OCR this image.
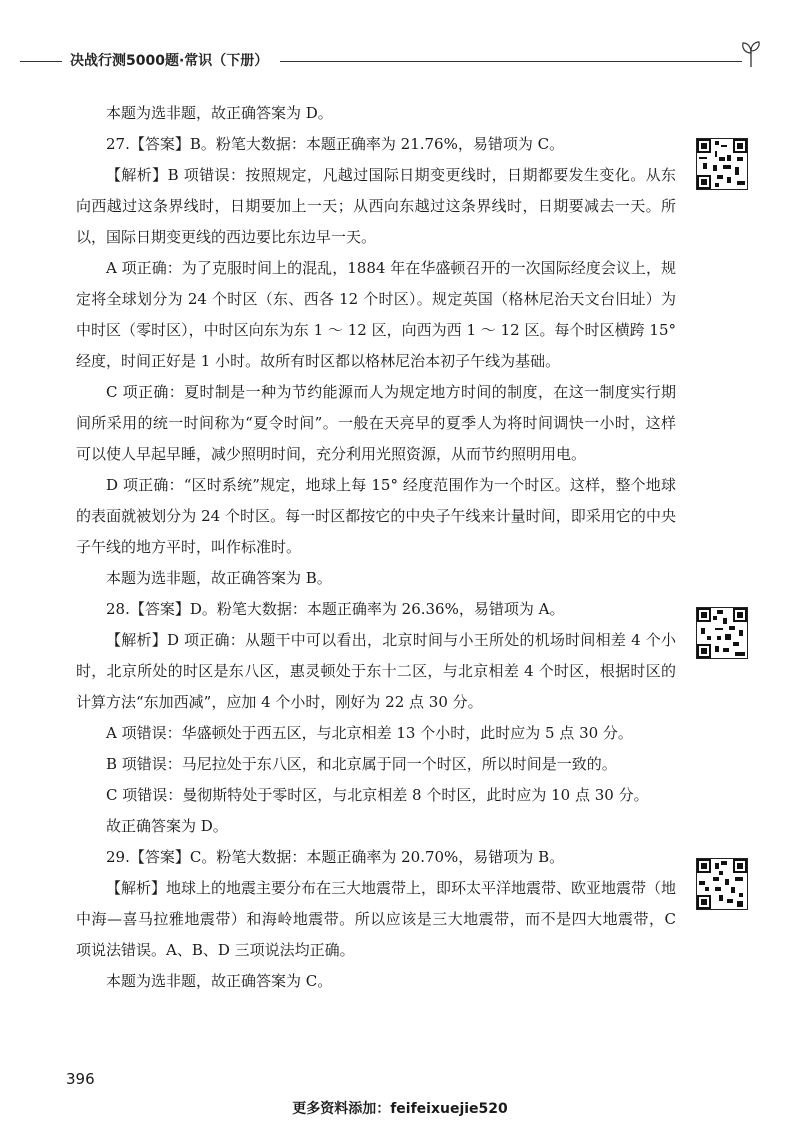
决战行测5000题·常识（下册）

本题为选非题，故正确答案为 D。

27.【答案】B。粉笔大数据：本题正确率为 21.76%，易错项为 C。

【解析】B 项错误：按照规定，凡越过国际日期变更线时，日期都要发生变化。从东向西越过这条界线时，日期要加上一天；从西向东越过这条界线时，日期要减去一天。所以，国际日期变更线的西边要比东边早一天。

A 项正确：为了克服时间上的混乱，1884 年在华盛顿召开的一次国际经度会议上，规定将全球划分为 24 个时区（东、西各 12 个时区）。规定英国（格林尼治天文台旧址）为中时区（零时区），中时区向东为东 1 ～ 12 区，向西为西 1 ～ 12 区。每个时区横跨 15°经度，时间正好是 1 小时。故所有时区都以格林尼治本初子午线为基础。

C 项正确：夏时制是一种为节约能源而人为规定地方时间的制度，在这一制度实行期间所采用的统一时间称为“夏令时间”。一般在天亮早的夏季人为将时间调快一小时，这样可以使人早起早睡，减少照明时间，充分利用光照资源，从而节约照明用电。

D 项正确：“区时系统”规定，地球上每 15° 经度范围作为一个时区。这样，整个地球的表面就被划分为 24 个时区。每一时区都按它的中央子午线来计量时间，即采用它的中央子午线的地方平时，叫作标准时。

本题为选非题，故正确答案为 B。

28.【答案】D。粉笔大数据：本题正确率为 26.36%，易错项为 A。

【解析】D 项正确：从题干中可以看出，北京时间与小王所处的机场时间相差 4 个小时，北京所处的时区是东八区，惠灵顿处于东十二区，与北京相差 4 个时区，根据时区的计算方法“东加西减”，应加 4 个小时，刚好为 22 点 30 分。

A 项错误：华盛顿处于西五区，与北京相差 13 个小时，此时应为 5 点 30 分。

B 项错误：马尼拉处于东八区，和北京属于同一个时区，所以时间是一致的。

C 项错误：曼彻斯特处于零时区，与北京相差 8 个时区，此时应为 10 点 30 分。

故正确答案为 D。

29.【答案】C。粉笔大数据：本题正确率为 20.70%，易错项为 B。

【解析】地球上的地震主要分布在三大地震带上，即环太平洋地震带、欧亚地震带（地中海—喜马拉雅地震带）和海岭地震带。所以应该是三大地震带，而不是四大地震带，C 项说法错误。A、B、D 三项说法均正确。

本题为选非题，故正确答案为 C。

396
更多资料添加：feifeixuejie520
